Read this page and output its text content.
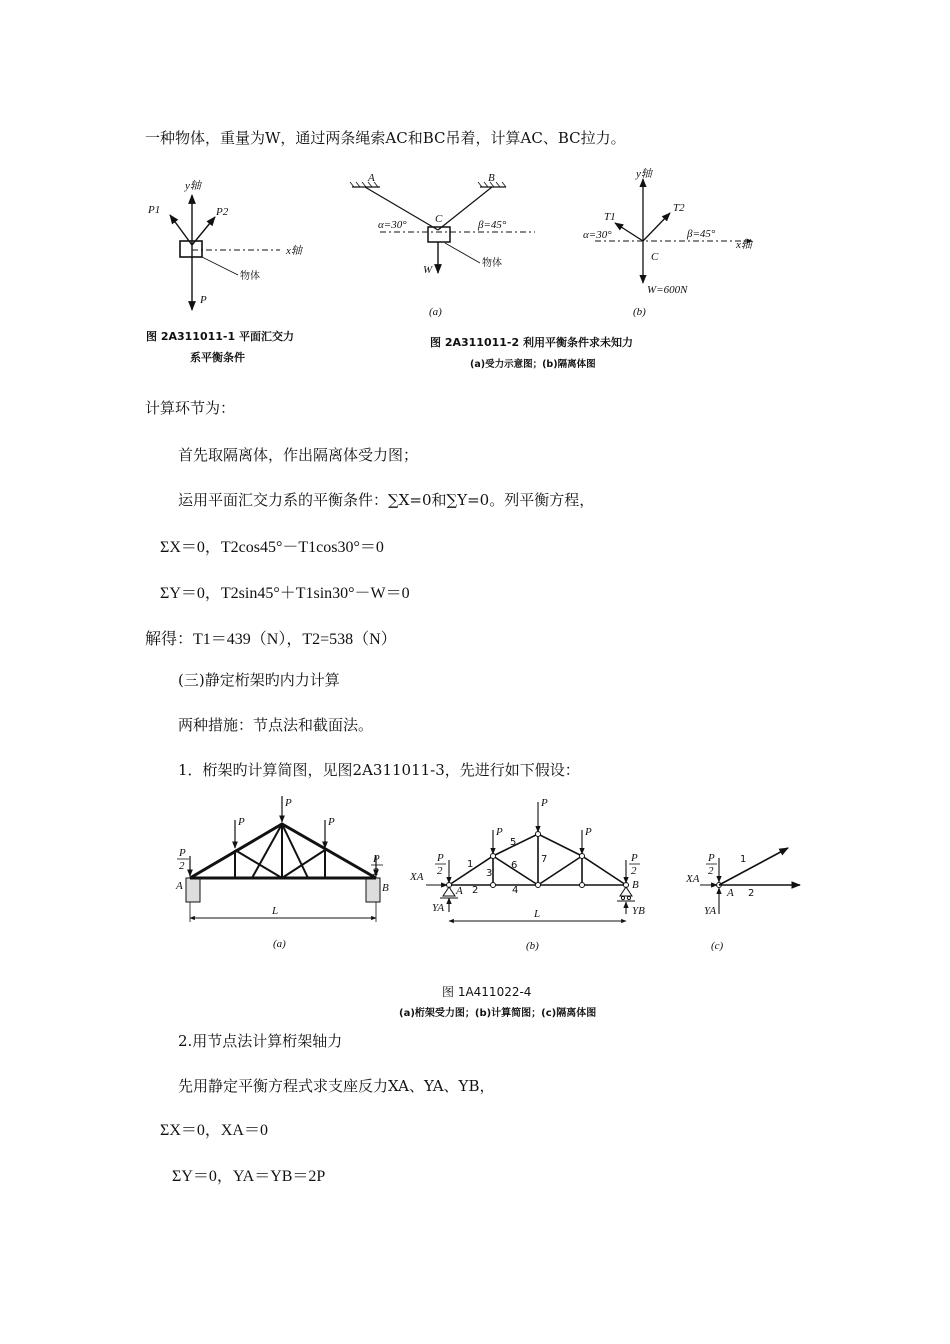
一种物体，重量为W，通过两条绳索AC和BC吊着，计算AC、BC拉力。
y轴
x轴
P1	P2
P
物体
图 2A311011-1 平面汇交力
系平衡条件
A	B
C
α=30°	β=45°
W
物体
(a)
y轴
x轴
T1
T2
α=30°	β=45°
C
W=600N
(b)
图 2A311011-2 利用平衡条件求未知力
(a)受力示意图；(b)隔离体图
计算环节为：
首先取隔离体，作出隔离体受力图；
运用平面汇交力系的平衡条件：∑X=0和∑Y=0。列平衡方程，
ΣX＝0，T2cos45°－T1cos30°＝0
ΣY＝0，T2sin45°＋T1sin30°－W＝0
解得：T1＝439（N），T2=538（N）
(三)静定桁架旳内力计算
两种措施：节点法和截面法。
1．桁架旳计算简图，见图2A311011-3，先进行如下假设：
P
P	P
P
2
P
2
A	B
L
(a)
P
P	P
P
2
P
2
XA
A	B
YA	YB
L
1
2
3
4
5
6
7
(b)
P
2
XA
A
YA
1
2
(c)
图 1A411022-4
(a)桁架受力图；(b)计算简图；(c)隔离体图
2.用节点法计算桁架轴力
先用静定平衡方程式求支座反力XA、YA、YB，
ΣX＝0，XA＝0
ΣY＝0，YA＝YB＝2P
